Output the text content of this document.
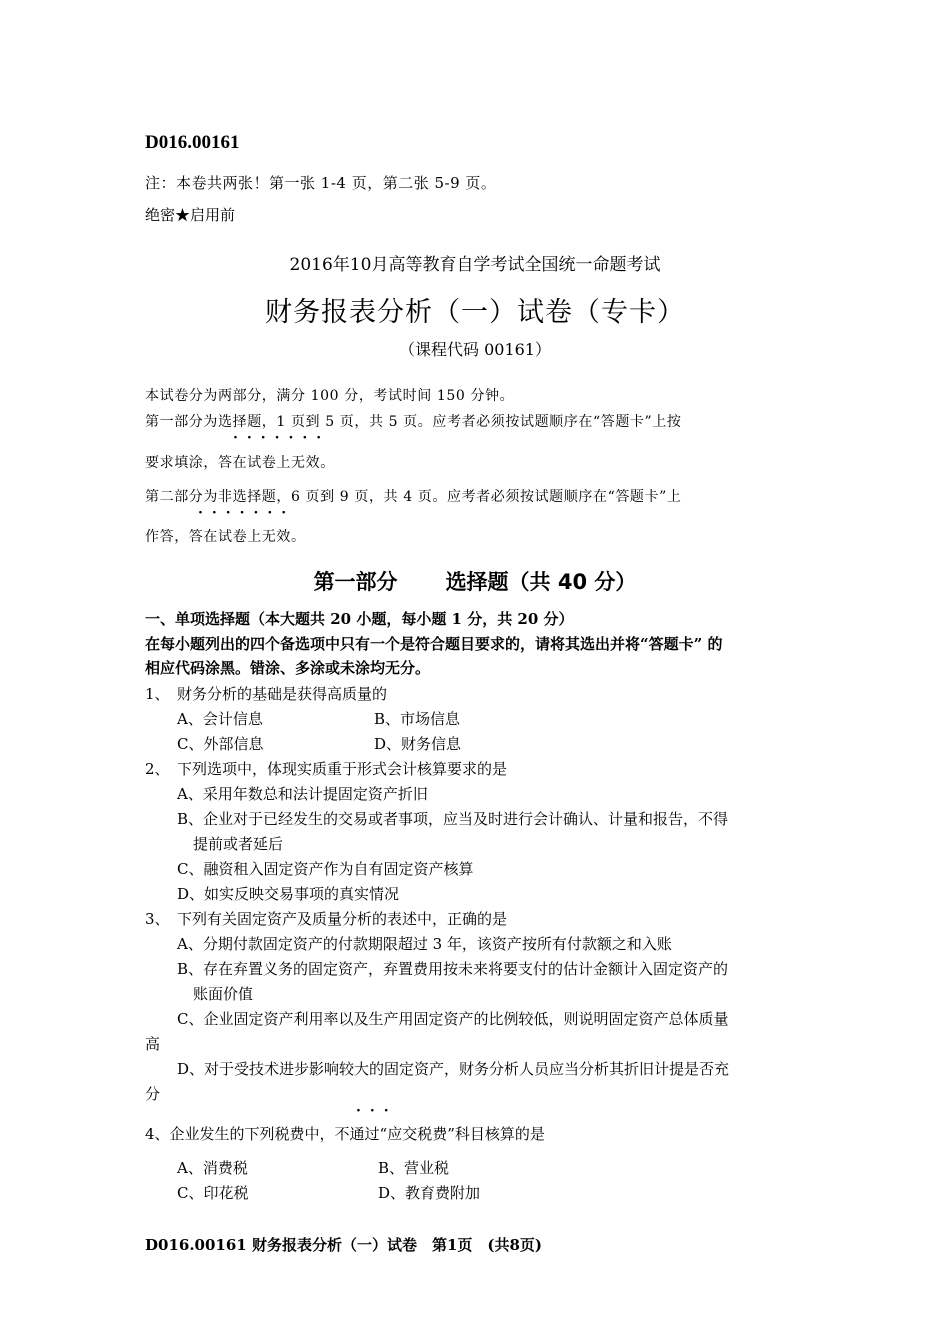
D016.00161
注：本卷共两张！第一张 1-4 页，第二张 5-9 页。
绝密★启用前
2016年10月高等教育自学考试全国统一命题考试
财务报表分析（一）试卷（专卡）
（课程代码 00161）
本试卷分为两部分，满分 100 分，考试时间 150 分钟。
第一部分为选择题，1 页到 5 页，共 5 页。应考者必须按试题顺序在“答题卡”上按
·······
要求填涂，答在试卷上无效。
第二部分为非选择题，6 页到 9 页，共 4 页。应考者必须按试题顺序在“答题卡”上
·······
作答，答在试卷上无效。
第一部分 选择题（共 40 分）
一、单项选择题（本大题共 20 小题，每小题 1 分，共 20 分）
在每小题列出的四个备选项中只有一个是符合题目要求的，请将其选出并将“答题卡” 的
相应代码涂黑。错涂、多涂或未涂均无分。
1、 财务分析的基础是获得高质量的
A、会计信息	B、市场信息
C、外部信息	D、财务信息
2、 下列选项中，体现实质重于形式会计核算要求的是
A、采用年数总和法计提固定资产折旧
B、企业对于已经发生的交易或者事项，应当及时进行会计确认、计量和报告，不得
提前或者延后
C、融资租入固定资产作为自有固定资产核算
D、如实反映交易事项的真实情况
3、 下列有关固定资产及质量分析的表述中，正确的是
A、分期付款固定资产的付款期限超过 3 年，该资产按所有付款额之和入账
B、存在弃置义务的固定资产，弃置费用按未来将要支付的估计金额计入固定资产的
账面价值
C、企业固定资产利用率以及生产用固定资产的比例较低，则说明固定资产总体质量
高
D、对于受技术进步影响较大的固定资产，财务分析人员应当分析其折旧计提是否充
分
···
4、企业发生的下列税费中，不通过“应交税费”科目核算的是
A、消费税	B、营业税
C、印花税	D、教育费附加
D016.00161 财务报表分析（一）试卷　第1页　(共8页)
